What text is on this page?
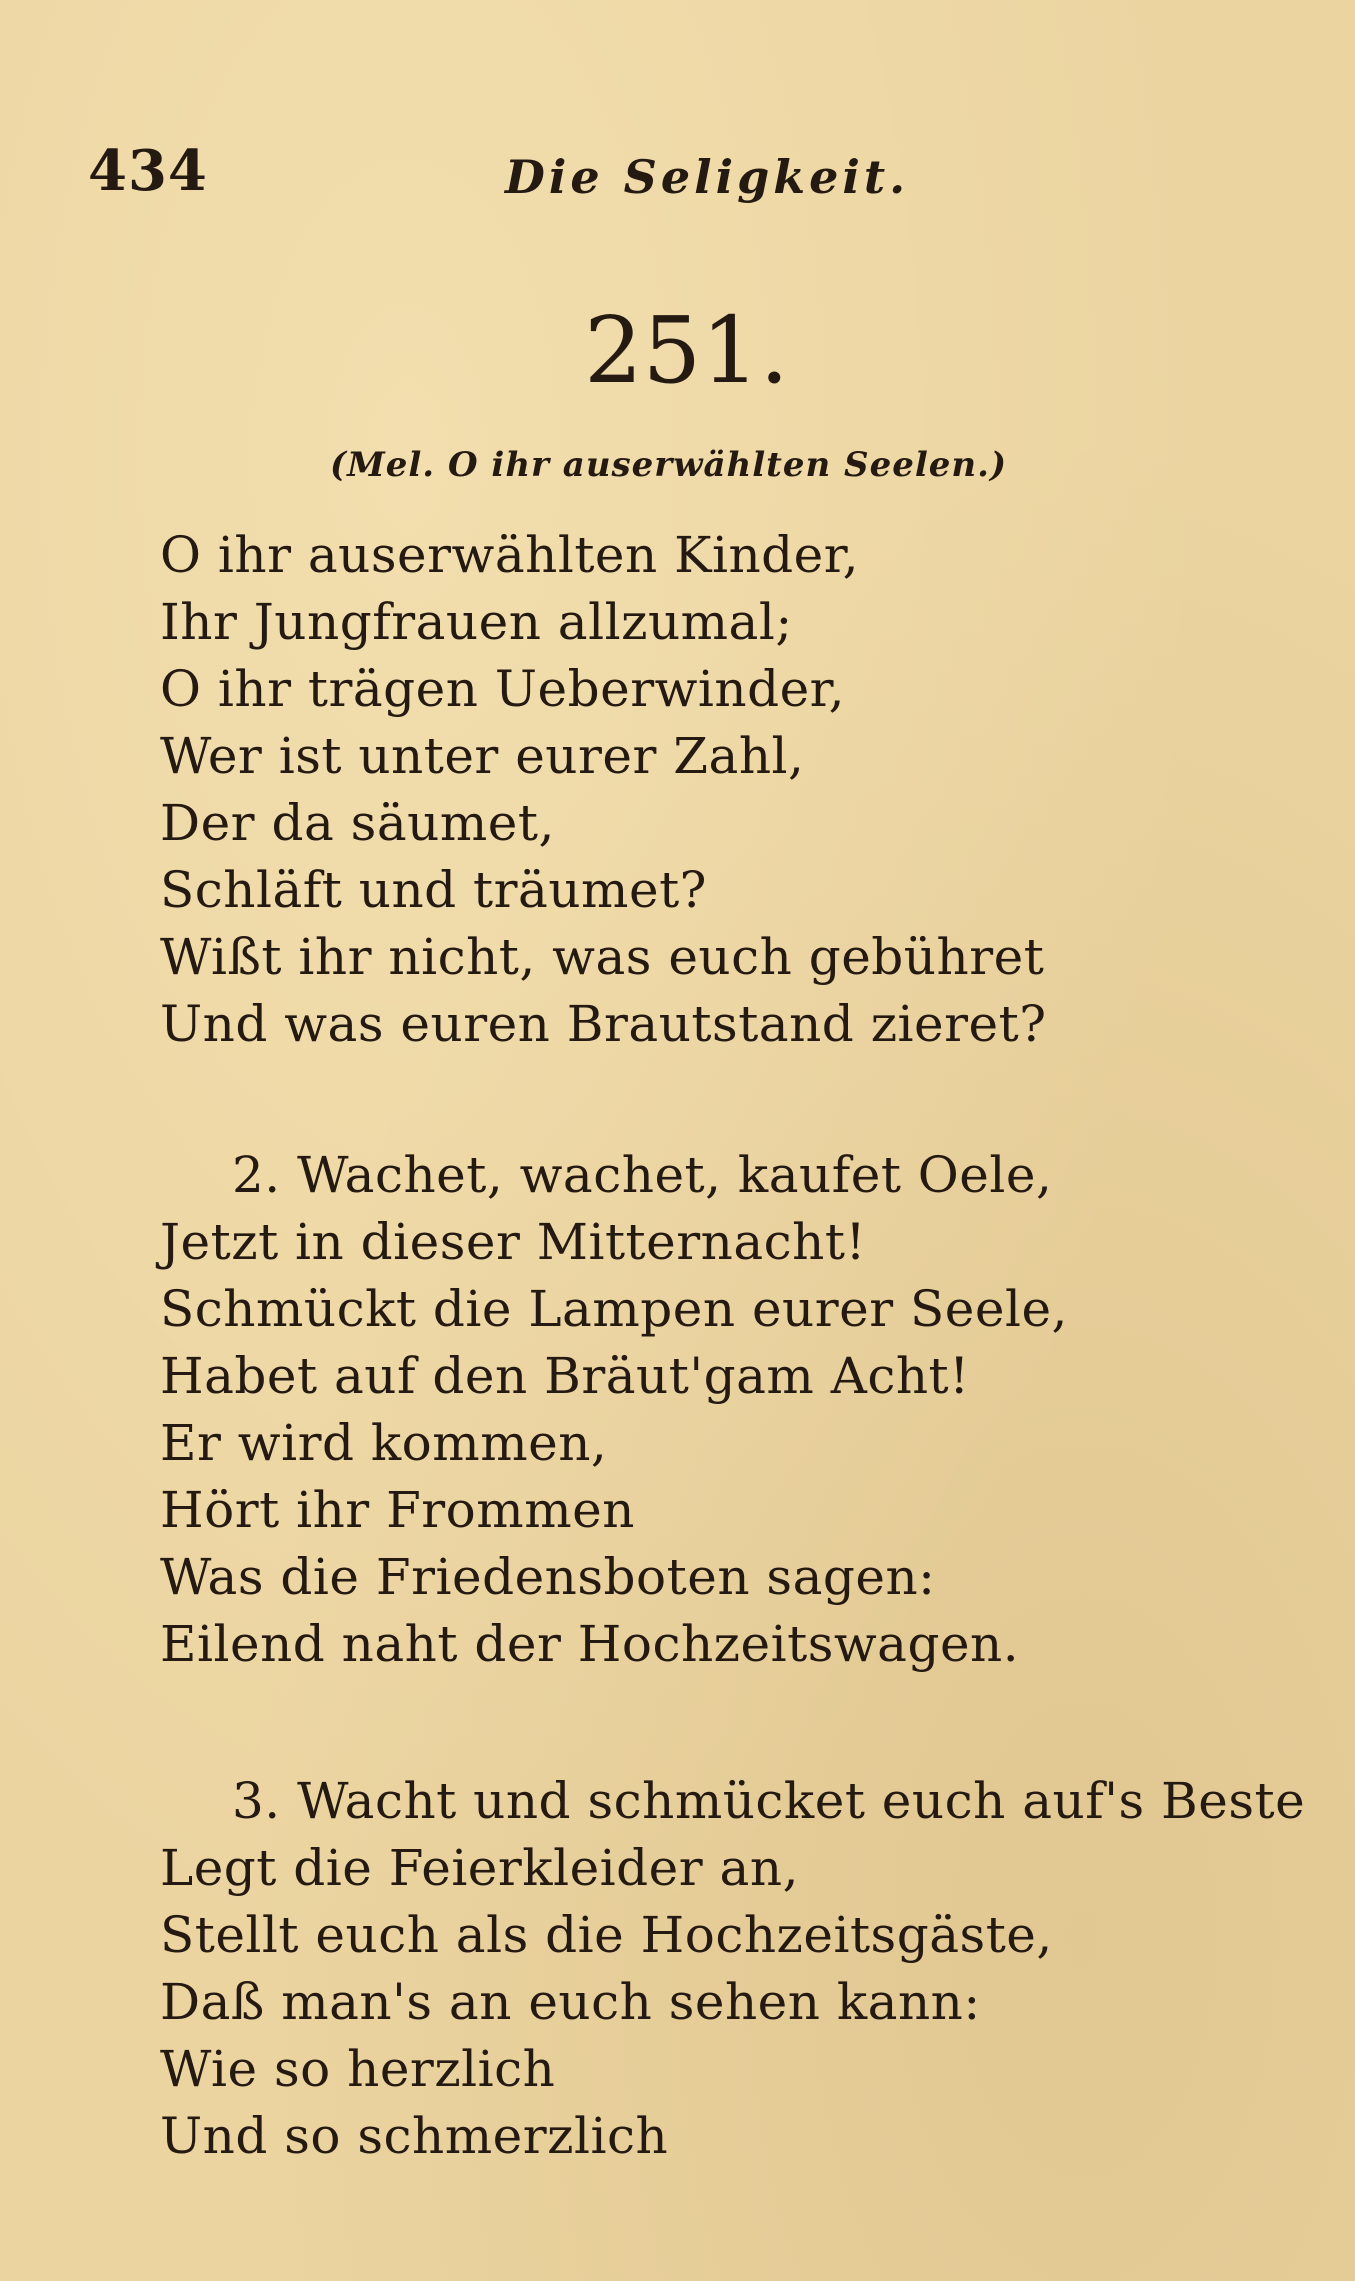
434	Die Seligkeit.
251.
(Mel. O ihr auserwählten Seelen.)
O ihr auserwählten Kinder,
Ihr Jungfrauen allzumal;
O ihr trägen Ueberwinder,
Wer ist unter eurer Zahl,
Der da säumet,
Schläft und träumet?
Wißt ihr nicht, was euch gebühret
Und was euren Brautstand zieret?
2. Wachet, wachet, kaufet Oele,
Jetzt in dieser Mitternacht!
Schmückt die Lampen eurer Seele,
Habet auf den Bräut'gam Acht!
Er wird kommen,
Hört ihr Frommen
Was die Friedensboten sagen:
Eilend naht der Hochzeitswagen.
3. Wacht und schmücket euch auf's Beste
Legt die Feierkleider an,
Stellt euch als die Hochzeitsgäste,
Daß man's an euch sehen kann:
Wie so herzlich
Und so schmerzlich
